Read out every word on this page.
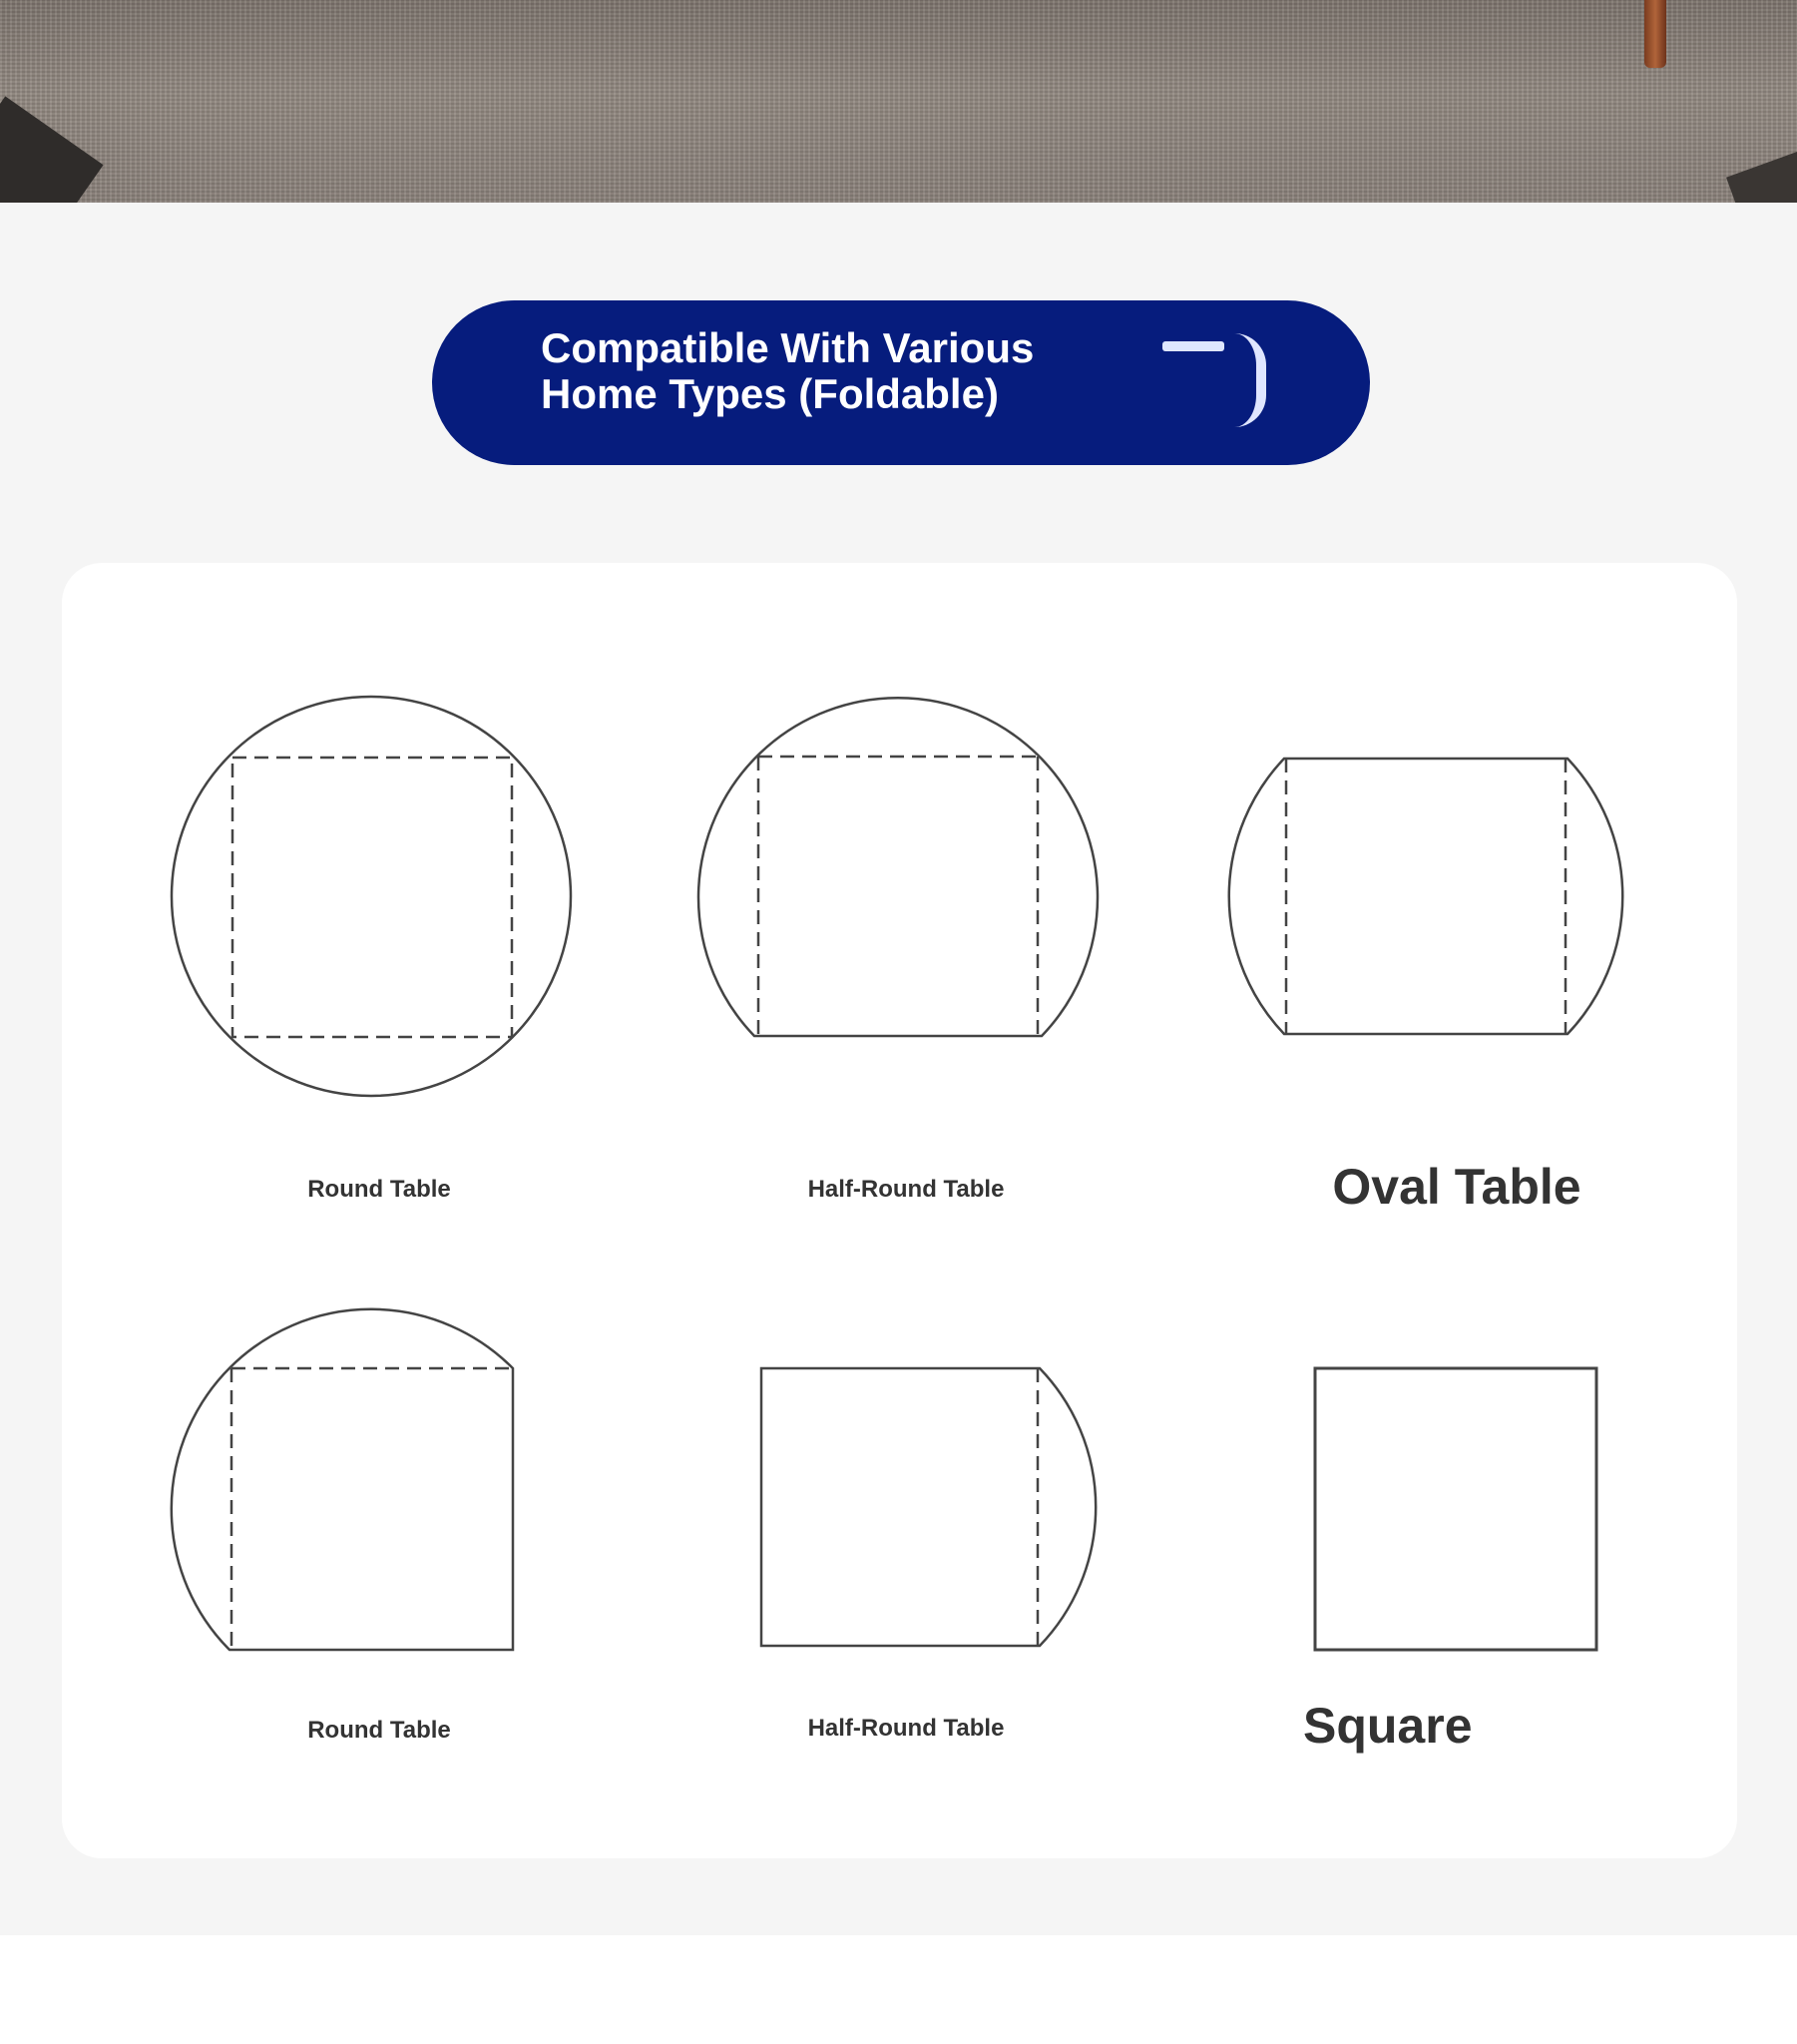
Compatible With Various Home Types (Foldable)
Round Table	Half-Round Table	Oval Table
Round Table	Half-Round Table	Square
